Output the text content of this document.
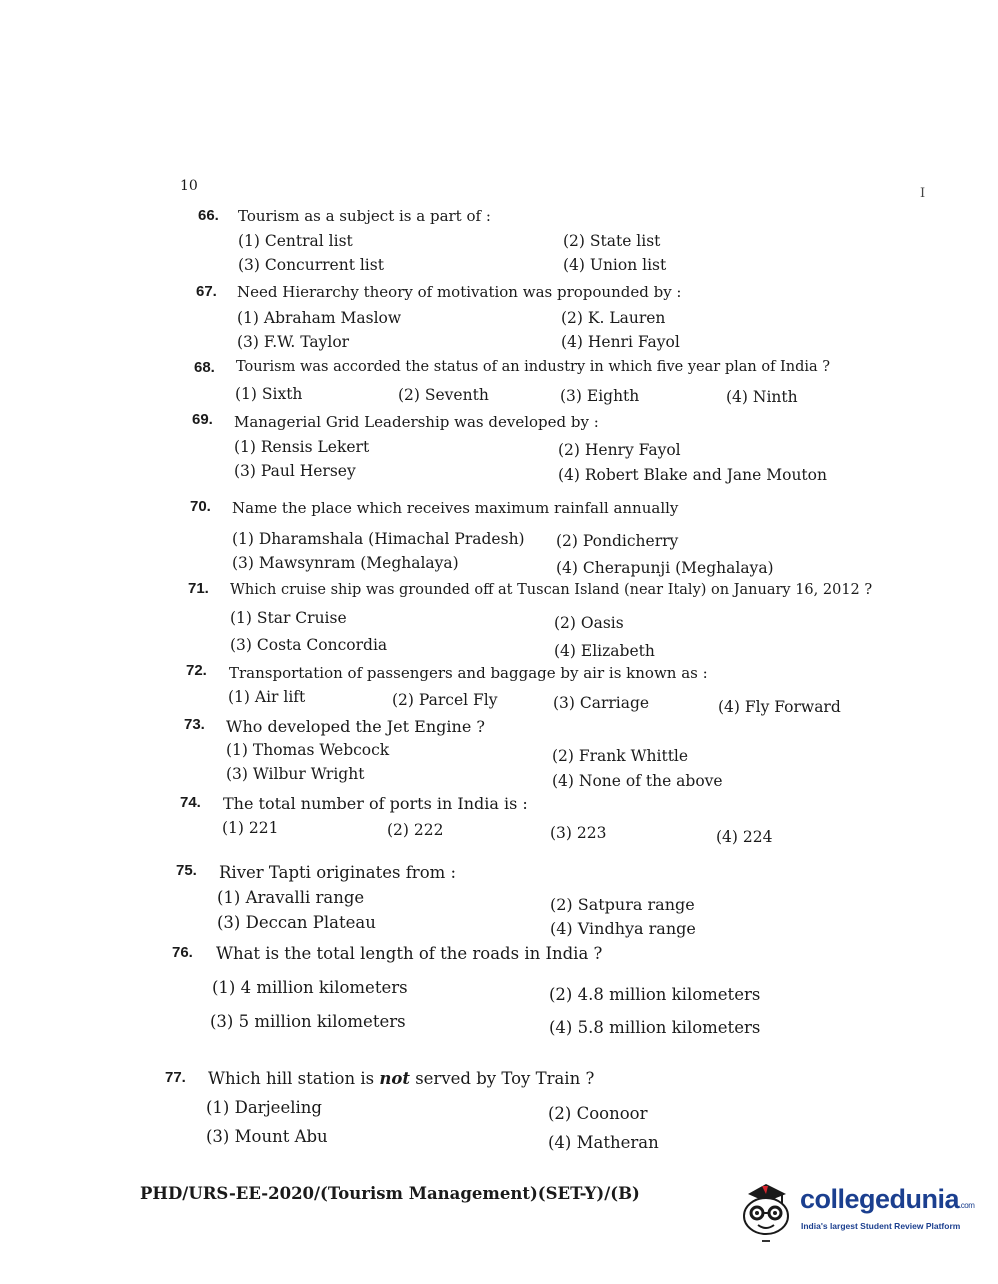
10	I
66. Tourism as a subject is a part of :
(1) Central list	(2) State list
(3) Concurrent list	(4) Union list
67. Need Hierarchy theory of motivation was propounded by :
(1) Abraham Maslow	(2) K. Lauren
(3) F.W. Taylor	(4) Henri Fayol
68. Tourism was accorded the status of an industry in which five year plan of India ?
(1) Sixth	(2) Seventh	(3) Eighth	(4) Ninth
69. Managerial Grid Leadership was developed by :
(1) Rensis Lekert	(2) Henry Fayol
(3) Paul Hersey	(4) Robert Blake and Jane Mouton
70. Name the place which receives maximum rainfall annually
(1) Dharamshala (Himachal Pradesh) (2) Pondicherry
(3) Mawsynram (Meghalaya)	(4) Cherapunji (Meghalaya)
71. Which cruise ship was grounded off at Tuscan Island (near Italy) on January 16, 2012 ?
(1) Star Cruise	(2) Oasis
(3) Costa Concordia	(4) Elizabeth
72. Transportation of passengers and baggage by air is known as :
(1) Air lift	(2) Parcel Fly	(3) Carriage	(4) Fly Forward
73. Who developed the Jet Engine ?
(1) Thomas Webcock	(2) Frank Whittle
(3) Wilbur Wright	(4) None of the above
74. The total number of ports in India is :
(1) 221	(2) 222	(3) 223	(4) 224
75. River Tapti originates from :
(1) Aravalli range	(2) Satpura range
(3) Deccan Plateau	(4) Vindhya range
76. What is the total length of the roads in India ?
(1) 4 million kilometers	(2) 4.8 million kilometers
(3) 5 million kilometers	(4) 5.8 million kilometers
77. Which hill station is not served by Toy Train ?
(1) Darjeeling	(2) Coonoor
(3) Mount Abu	(4) Matheran
PHD/URS-EE-2020/(Tourism Management)(SET-Y)/(B)	collegedunia.com
India's largest Student Review Platform
